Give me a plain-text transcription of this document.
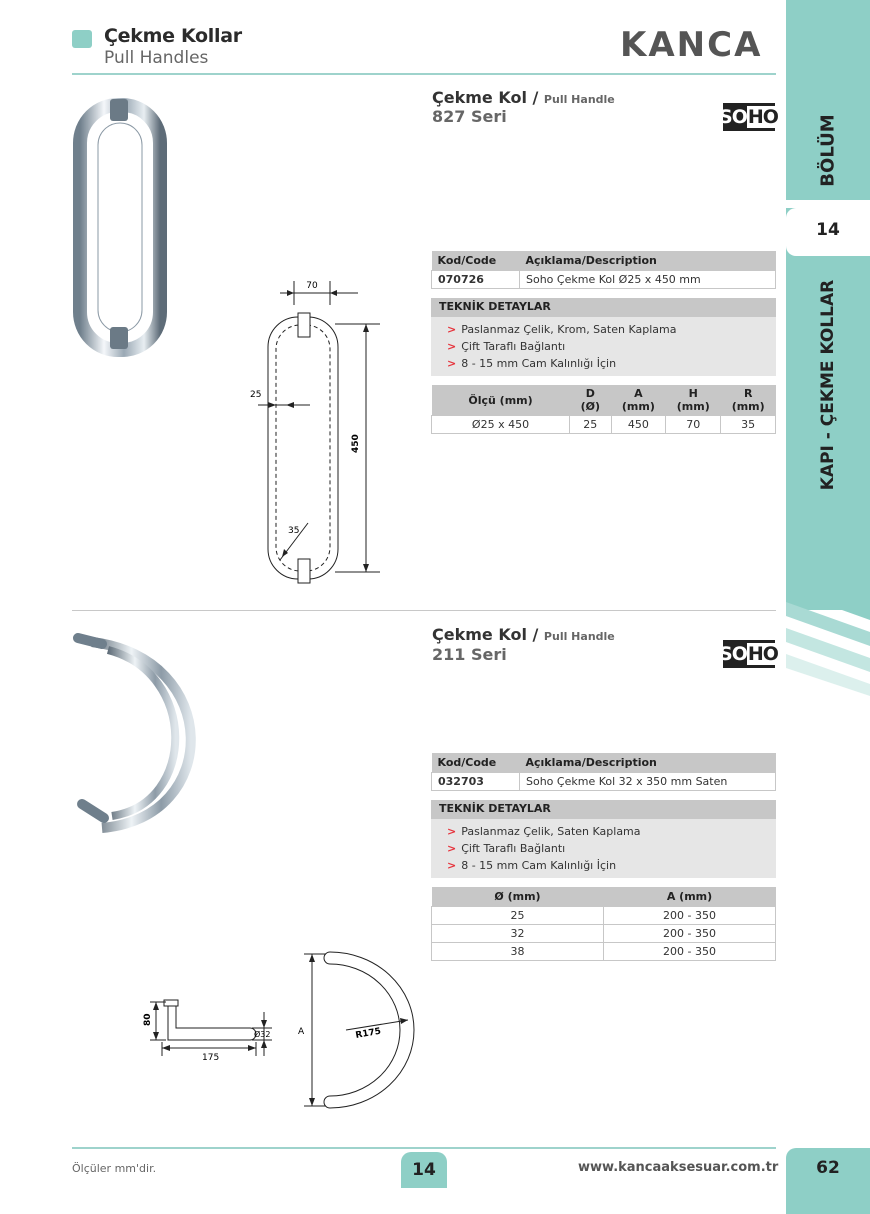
Çekme Kollar
Pull Handles	KANCA
BÖLÜM
14
KAPI - ÇEKME KOLLAR
70
25
450
35
Çekme Kol / Pull Handle
827 Seri	SO HO
Kod/Code	Açıklama/Description
070726	Soho Çekme Kol Ø25 x 450 mm
TEKNİK DETAYLAR
> Paslanmaz Çelik, Krom, Saten Kaplama
> Çift Taraflı Bağlantı
> 8 - 15 mm Cam Kalınlığı İçin
Ölçü (mm)	D (Ø)	A (mm)	H (mm)	R (mm)
Ø25 x 450	25	450	70	35
Çekme Kol / Pull Handle
211 Seri	SO HO
Kod/Code	Açıklama/Description
032703	Soho Çekme Kol 32 x 350 mm Saten
TEKNİK DETAYLAR
> Paslanmaz Çelik, Saten Kaplama
> Çift Taraflı Bağlantı
> 8 - 15 mm Cam Kalınlığı İçin
Ø (mm)	A (mm)
25	200 - 350
32	200 - 350
38	200 - 350
80
175
Ø32	A	R175
Ölçüler mm'dir.	14	www.kancaaksesuar.com.tr	62
